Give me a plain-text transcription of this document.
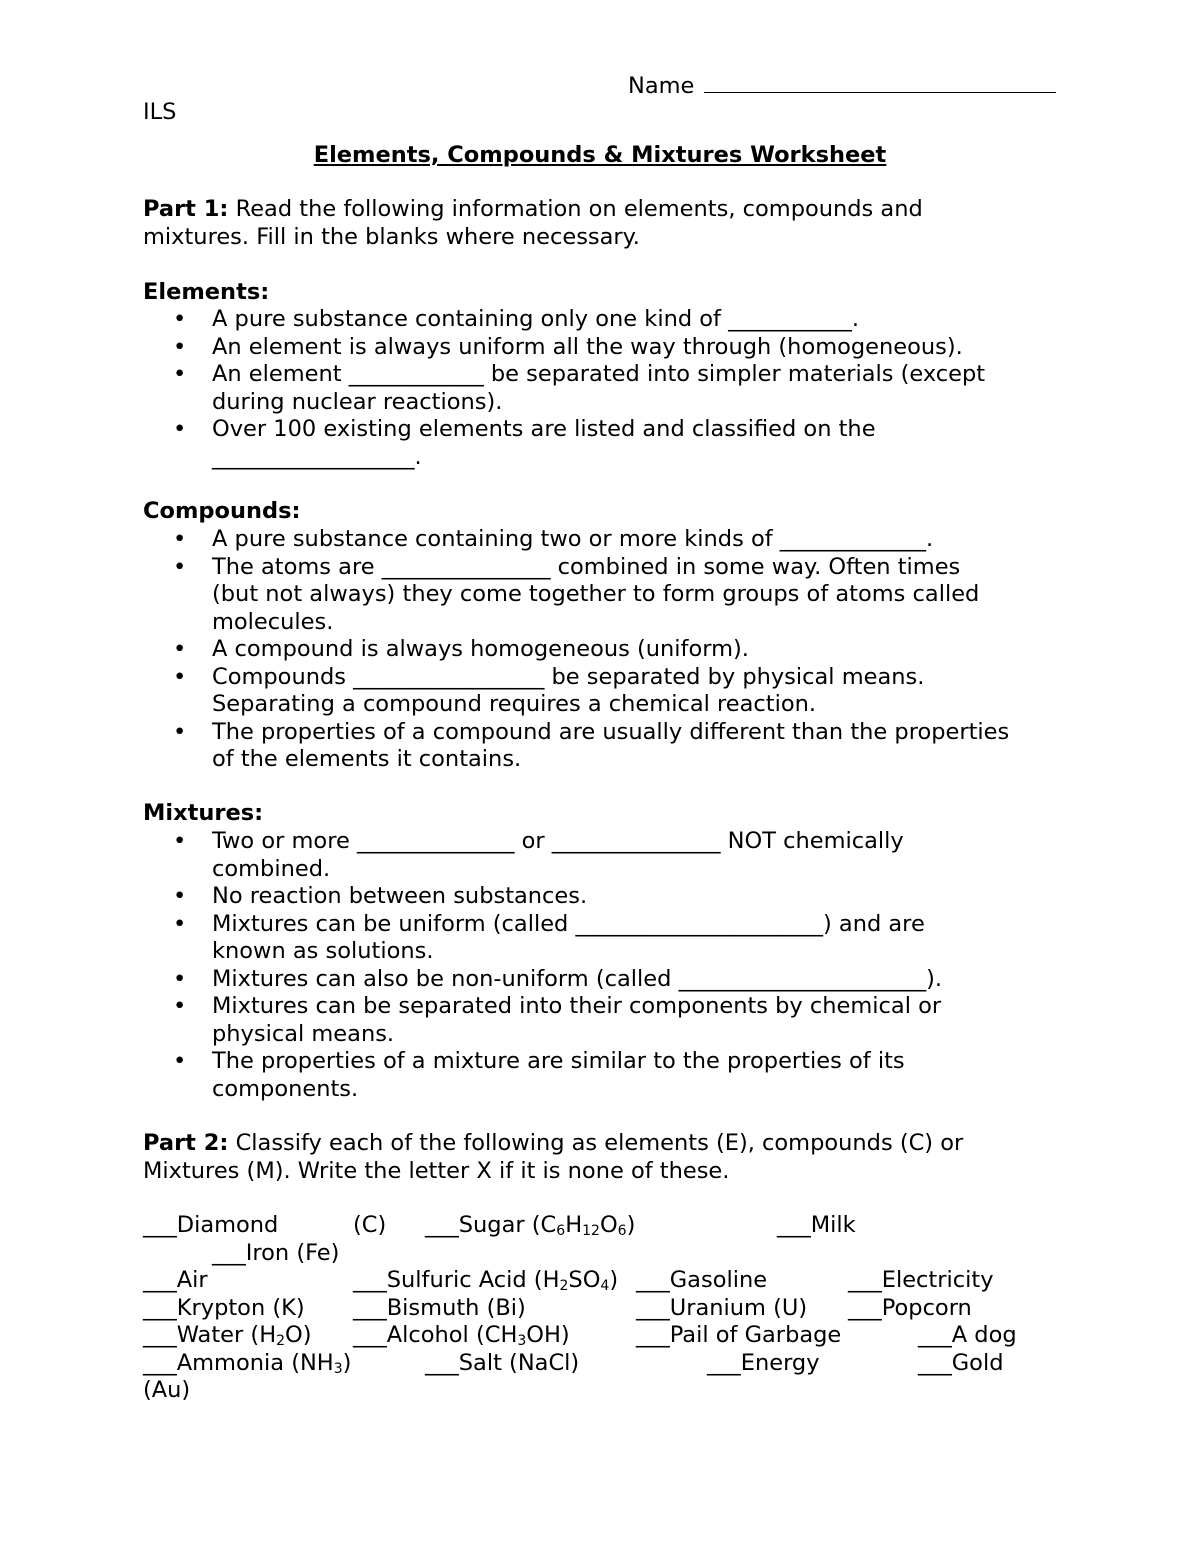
Name
ILS
Elements, Compounds & Mixtures Worksheet
Part 1: Read the following information on elements, compounds and
mixtures. Fill in the blanks where necessary.
Elements:
• A pure substance containing only one kind of ___________.
• An element is always uniform all the way through (homogeneous).
• An element ____________ be separated into simpler materials (except
during nuclear reactions).
• Over 100 existing elements are listed and classified on the
__________________.
Compounds:
• A pure substance containing two or more kinds of _____________.
• The atoms are _______________ combined in some way. Often times
(but not always) they come together to form groups of atoms called
molecules.
• A compound is always homogeneous (uniform).
• Compounds _________________ be separated by physical means.
Separating a compound requires a chemical reaction.
• The properties of a compound are usually different than the properties
of the elements it contains.
Mixtures:
• Two or more ______________ or _______________ NOT chemically
combined.
• No reaction between substances.
• Mixtures can be uniform (called ______________________) and are
known as solutions.
• Mixtures can also be non-uniform (called ______________________).
• Mixtures can be separated into their components by chemical or
physical means.
• The properties of a mixture are similar to the properties of its
components.
Part 2: Classify each of the following as elements (E), compounds (C) or
Mixtures (M). Write the letter X if it is none of these.
___Diamond	(C) ___Sugar $(C_6H_{12}O_6)$	___Milk
___Iron (Fe)
___Air	___Sulfuric Acid $(H_2SO_4)$ ___Gasoline	___Electricity
___Krypton (K) ___Bismuth (Bi)	___Uranium (U) ___Popcorn
___Water $(H_2O)$ ___Alcohol $(CH_3OH)$	___Pail of Garbage	___A dog
___Ammonia $(NH_3)$	___Salt (NaCl)	___Energy	___Gold
(Au)
